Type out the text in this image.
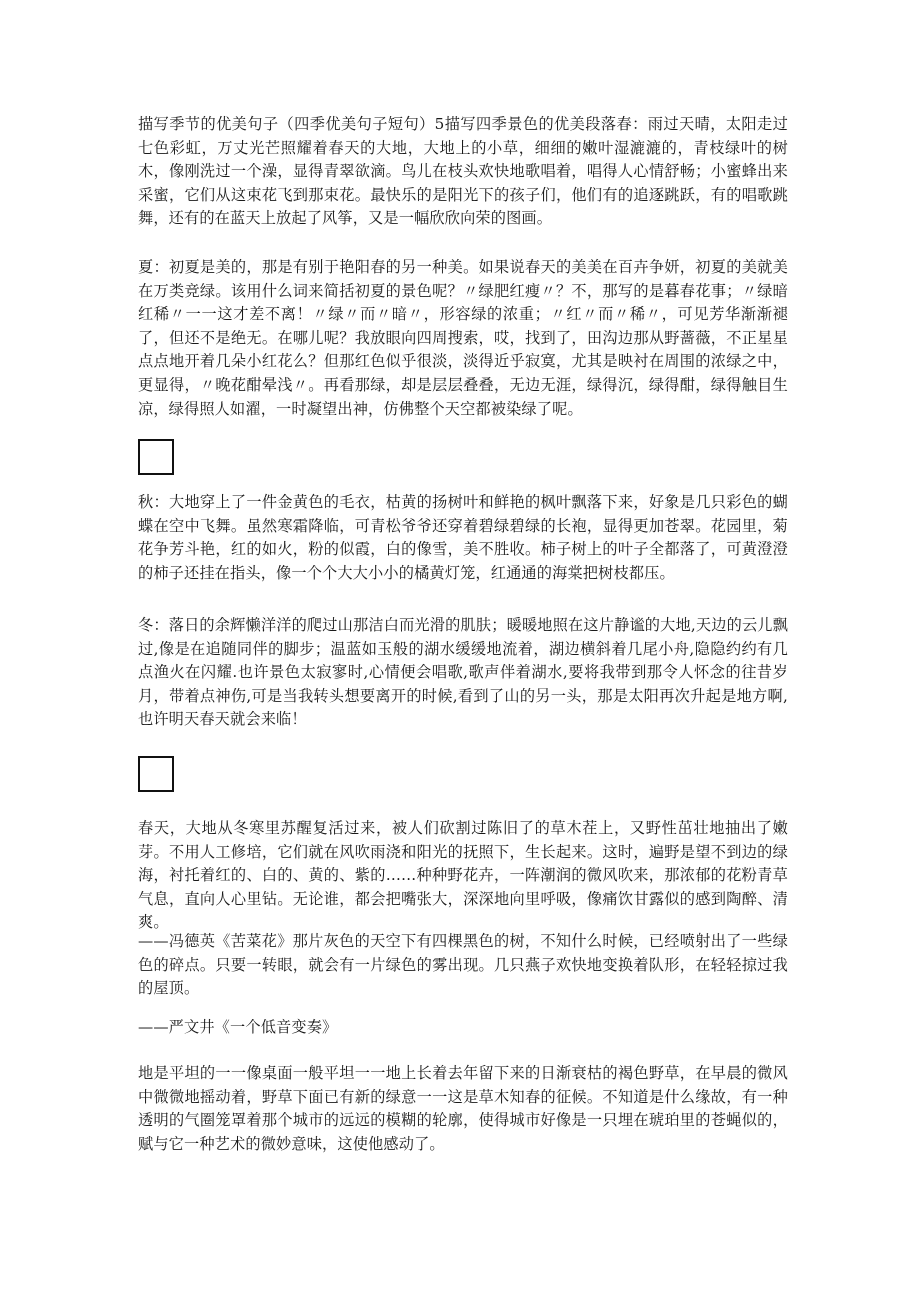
描写季节的优美句子（四季优美句子短句）5描写四季景色的优美段落春：雨过天晴，太阳走过七色彩虹，万丈光芒照耀着春天的大地，大地上的小草，细细的嫩叶湿漉漉的，青枝绿叶的树木，像刚洗过一个澡，显得青翠欲滴。鸟儿在枝头欢快地歌唱着，唱得人心情舒畅；小蜜蜂出来采蜜，它们从这束花飞到那束花。最快乐的是阳光下的孩子们，他们有的追逐跳跃，有的唱歌跳舞，还有的在蓝天上放起了风筝，又是一幅欣欣向荣的图画。

夏：初夏是美的，那是有别于艳阳春的另一种美。如果说春天的美美在百卉争妍，初夏的美就美在万类竞绿。该用什么词来简括初夏的景色呢？〃绿肥红瘦〃？不，那写的是暮春花事；〃绿暗红稀〃一一这才差不离！〃绿〃而〃暗〃，形容绿的浓重；〃红〃而〃稀〃，可见芳华渐渐褪了，但还不是绝无。在哪儿呢？我放眼向四周搜索，哎，找到了，田沟边那从野蔷薇，不正星星点点地开着几朵小红花么？但那红色似乎很淡，淡得近乎寂寞，尤其是映衬在周围的浓绿之中，更显得，〃晚花酣晕浅〃。再看那绿，却是层层叠叠，无边无涯，绿得沉，绿得酣，绿得触目生凉，绿得照人如濯，一时凝望出神，仿佛整个天空都被染绿了呢。

秋：大地穿上了一件金黄色的毛衣，枯黄的扬树叶和鲜艳的枫叶飘落下来，好象是几只彩色的蝴蝶在空中飞舞。虽然寒霜降临，可青松爷爷还穿着碧绿碧绿的长袍，显得更加苍翠。花园里，菊花争芳斗艳，红的如火，粉的似霞，白的像雪，美不胜收。柿子树上的叶子全都落了，可黄澄澄的柿子还挂在指头，像一个个大大小小的橘黄灯笼，红通通的海棠把树枝都压。

冬：落日的余辉懒洋洋的爬过山那洁白而光滑的肌肤；暖暖地照在这片静谧的大地,天边的云儿飘过,像是在追随同伴的脚步；温蓝如玉般的湖水缓缓地流着，湖边横斜着几尾小舟,隐隐约约有几点渔火在闪耀.也许景色太寂寥时,心情便会唱歌,歌声伴着湖水,要将我带到那令人怀念的往昔岁月，带着点神伤,可是当我转头想要离开的时候,看到了山的另一头，那是太阳再次升起是地方啊,也许明天春天就会来临！

春天，大地从冬寒里苏醒复活过来，被人们砍割过陈旧了的草木茬上，又野性茁壮地抽出了嫩芽。不用人工修培，它们就在风吹雨浇和阳光的抚照下，生长起来。这时，遍野是望不到边的绿海，衬托着红的、白的、黄的、紫的……种种野花卉，一阵潮润的微风吹来，那浓郁的花粉青草气息，直向人心里钻。无论谁，都会把嘴张大，深深地向里呼吸，像痛饮甘露似的感到陶醉、清爽。

——冯德英《苦菜花》那片灰色的天空下有四棵黑色的树，不知什么时候，已经喷射出了一些绿色的碎点。只要一转眼，就会有一片绿色的雾出现。几只燕子欢快地变换着队形，在轻轻掠过我的屋顶。

——严文井《一个低音变奏》

地是平坦的一一像桌面一般平坦一一地上长着去年留下来的日渐衰枯的褐色野草，在早晨的微风中微微地摇动着，野草下面已有新的绿意一一这是草木知春的征候。不知道是什么缘故，有一种透明的气圈笼罩着那个城市的远远的模糊的轮廓，使得城市好像是一只埋在琥珀里的苍蝇似的，赋与它一种艺术的微妙意味，这使他感动了。
